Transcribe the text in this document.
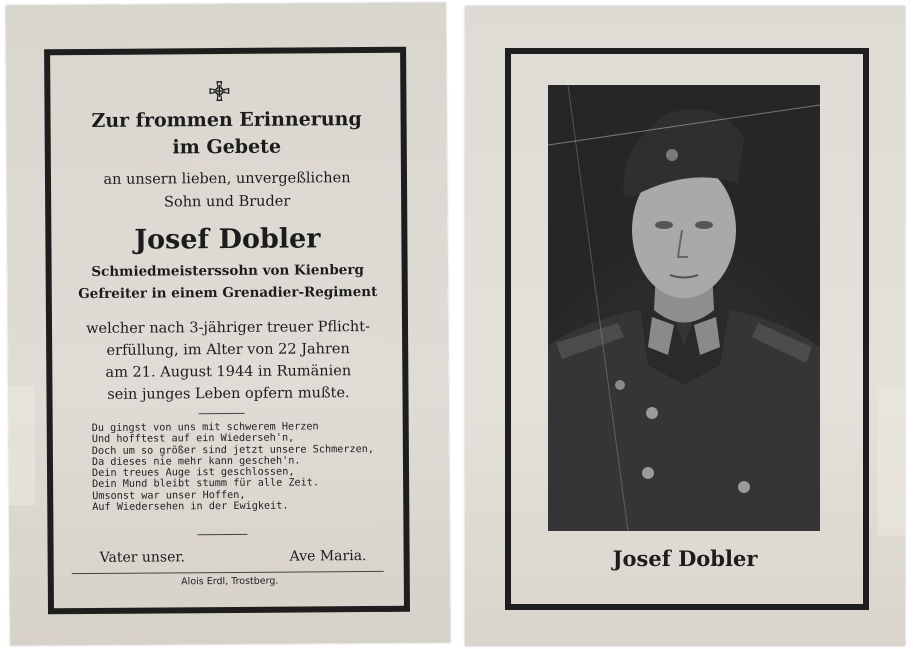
Zur frommen Erinnerung
im Gebete
an unsern lieben, unvergeßlichen
Sohn und Bruder
Josef Dobler
Schmiedmeisterssohn von Kienberg
Gefreiter in einem Grenadier-Regiment
welcher nach 3-jähriger treuer Pflicht-
erfüllung, im Alter von 22 Jahren
am 21. August 1944 in Rumänien
sein junges Leben opfern mußte.
Du gingst von uns mit schwerem Herzen
Und hofftest auf ein Wiederseh'n,
Doch um so größer sind jetzt unsere Schmerzen,
Da dieses nie mehr kann gescheh'n.
Dein treues Auge ist geschlossen,
Dein Mund bleibt stumm für alle Zeit.
Umsonst war unser Hoffen,
Auf Wiedersehen in der Ewigkeit.
Vater unser.	Ave Maria.
Alois Erdl, Trostberg.
Josef Dobler
